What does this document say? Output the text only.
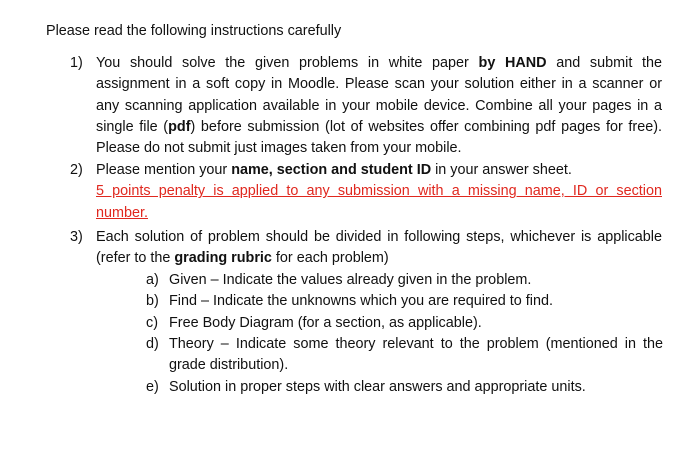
Please read the following instructions carefully
1) You should solve the given problems in white paper by HAND and submit the assignment in a soft copy in Moodle. Please scan your solution either in a scanner or any scanning application available in your mobile device. Combine all your pages in a single file (pdf) before submission (lot of websites offer combining pdf pages for free). Please do not submit just images taken from your mobile.
2) Please mention your name, section and student ID in your answer sheet.
5 points penalty is applied to any submission with a missing name, ID or section
number.
3) Each solution of problem should be divided in following steps, whichever is applicable
(refer to the grading rubric for each problem)
a) Given – Indicate the values already given in the problem.
b) Find – Indicate the unknowns which you are required to find.
c) Free Body Diagram (for a section, as applicable).
d) Theory – Indicate some theory relevant to the problem (mentioned in the
grade distribution).
e) Solution in proper steps with clear answers and appropriate units.
